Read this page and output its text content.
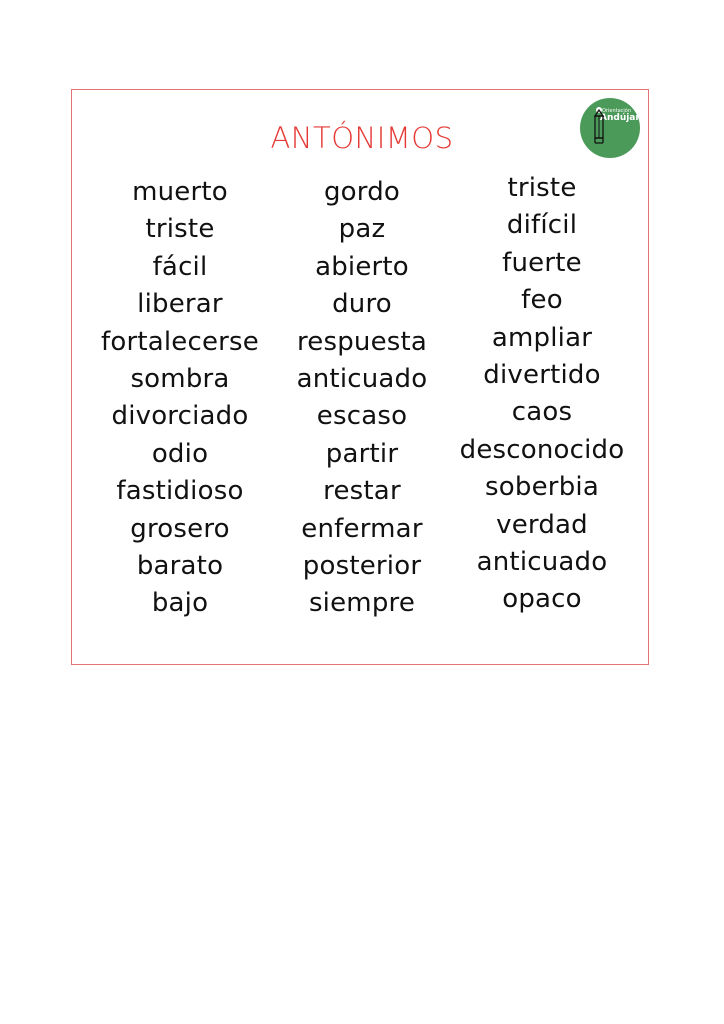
ANTÓNIMOS
Orientación
Andújar
muerto
triste
fácil
liberar
fortalecerse
sombra
divorciado
odio
fastidioso
grosero
barato
bajo
gordo
paz
abierto
duro
respuesta
anticuado
escaso
partir
restar
enfermar
posterior
siempre
triste
difícil
fuerte
feo
ampliar
divertido
caos
desconocido
soberbia
verdad
anticuado
opaco
